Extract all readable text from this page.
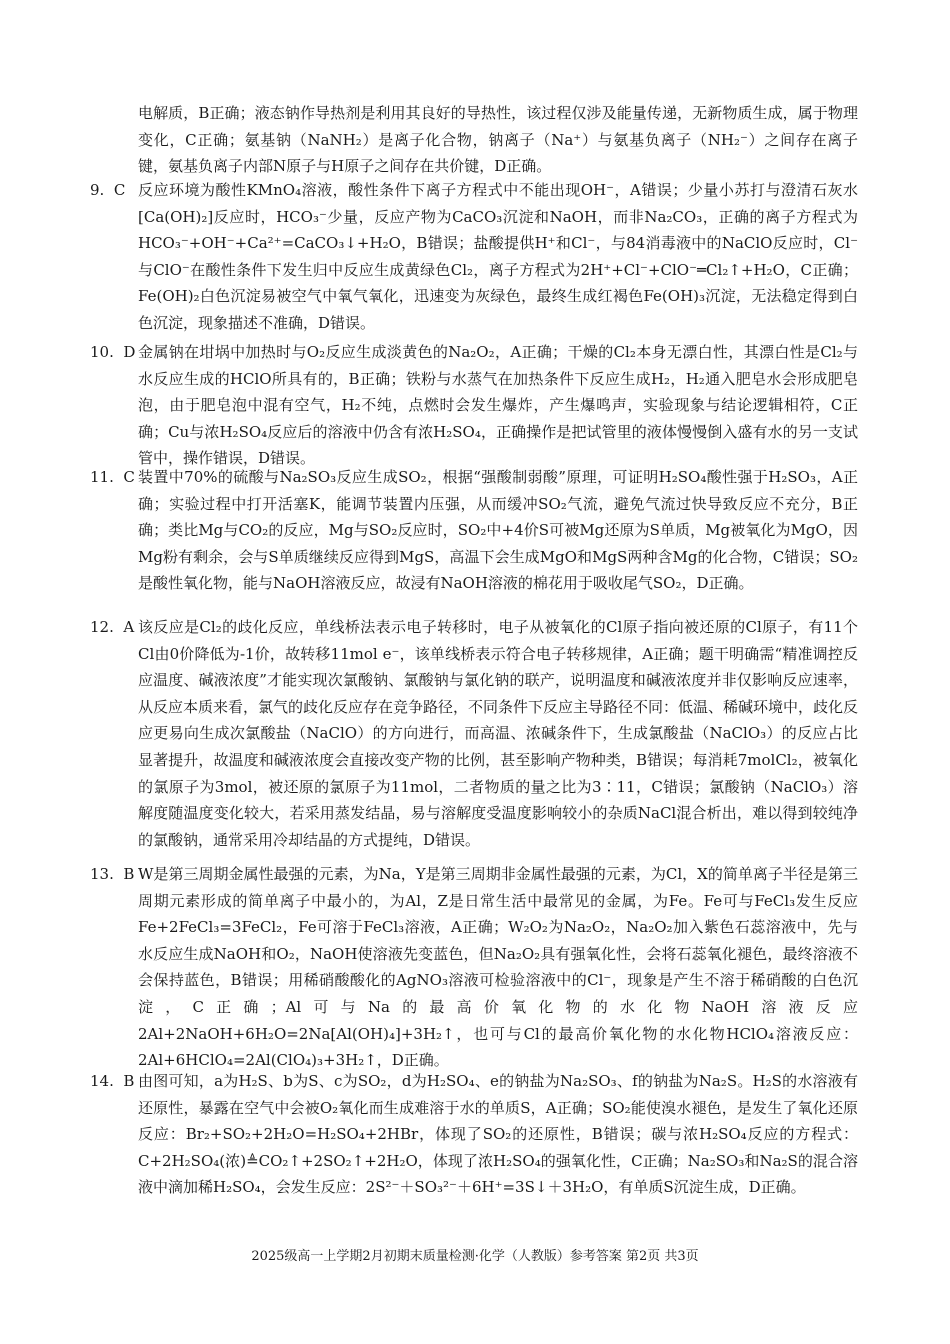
电解质，B正确；液态钠作导热剂是利用其良好的导热性，该过程仅涉及能量传递，无新物质生成，属于物理变化，C正确；氨基钠（NaNH₂）是离子化合物，钠离子（Na⁺）与氨基负离子（NH₂⁻）之间存在离子键，氨基负离子内部N原子与H原子之间存在共价键，D正确。

9. C 反应环境为酸性KMnO₄溶液，酸性条件下离子方程式中不能出现OH⁻，A错误；少量小苏打与澄清石灰水[Ca(OH)₂]反应时，HCO₃⁻少量，反应产物为CaCO₃沉淀和NaOH，而非Na₂CO₃，正确的离子方程式为HCO₃⁻+OH⁻+Ca²⁺=CaCO₃↓+H₂O，B错误；盐酸提供H⁺和Cl⁻，与84消毒液中的NaClO反应时，Cl⁻与ClO⁻在酸性条件下发生归中反应生成黄绿色Cl₂，离子方程式为2H⁺+Cl⁻+ClO⁻═Cl₂↑+H₂O，C正确；Fe(OH)₂白色沉淀易被空气中氧气氧化，迅速变为灰绿色，最终生成红褐色Fe(OH)₃沉淀，无法稳定得到白色沉淀，现象描述不准确，D错误。

10. D 金属钠在坩埚中加热时与O₂反应生成淡黄色的Na₂O₂，A正确；干燥的Cl₂本身无漂白性，其漂白性是Cl₂与水反应生成的HClO所具有的，B正确；铁粉与水蒸气在加热条件下反应生成H₂，H₂通入肥皂水会形成肥皂泡，由于肥皂泡中混有空气，H₂不纯，点燃时会发生爆炸，产生爆鸣声，实验现象与结论逻辑相符，C正确；Cu与浓H₂SO₄反应后的溶液中仍含有浓H₂SO₄，正确操作是把试管里的液体慢慢倒入盛有水的另一支试管中，操作错误，D错误。

11. C 装置中70%的硫酸与Na₂SO₃反应生成SO₂，根据“强酸制弱酸”原理，可证明H₂SO₄酸性强于H₂SO₃，A正确；实验过程中打开活塞K，能调节装置内压强，从而缓冲SO₂气流，避免气流过快导致反应不充分，B正确；类比Mg与CO₂的反应，Mg与SO₂反应时，SO₂中+4价S可被Mg还原为S单质，Mg被氧化为MgO，因Mg粉有剩余，会与S单质继续反应得到MgS，高温下会生成MgO和MgS两种含Mg的化合物，C错误；SO₂是酸性氧化物，能与NaOH溶液反应，故浸有NaOH溶液的棉花用于吸收尾气SO₂，D正确。

12. A 该反应是Cl₂的歧化反应，单线桥法表示电子转移时，电子从被氧化的Cl原子指向被还原的Cl原子，有11个Cl由0价降低为-1价，故转移11mol e⁻，该单线桥表示符合电子转移规律，A正确；题干明确需“精准调控反应温度、碱液浓度”才能实现次氯酸钠、氯酸钠与氯化钠的联产，说明温度和碱液浓度并非仅影响反应速率，从反应本质来看，氯气的歧化反应存在竞争路径，不同条件下反应主导路径不同：低温、稀碱环境中，歧化反应更易向生成次氯酸盐（NaClO）的方向进行，而高温、浓碱条件下，生成氯酸盐（NaClO₃）的反应占比显著提升，故温度和碱液浓度会直接改变产物的比例，甚至影响产物种类，B错误；每消耗7molCl₂，被氧化的氯原子为3mol，被还原的氯原子为11mol，二者物质的量之比为3∶11，C错误；氯酸钠（NaClO₃）溶解度随温度变化较大，若采用蒸发结晶，易与溶解度受温度影响较小的杂质NaCl混合析出，难以得到较纯净的氯酸钠，通常采用冷却结晶的方式提纯，D错误。

13. B W是第三周期金属性最强的元素，为Na，Y是第三周期非金属性最强的元素，为Cl，X的简单离子半径是第三周期元素形成的简单离子中最小的，为Al，Z是日常生活中最常见的金属，为Fe。Fe可与FeCl₃发生反应Fe+2FeCl₃=3FeCl₂，Fe可溶于FeCl₃溶液，A正确；W₂O₂为Na₂O₂，Na₂O₂加入紫色石蕊溶液中，先与水反应生成NaOH和O₂，NaOH使溶液先变蓝色，但Na₂O₂具有强氧化性，会将石蕊氧化褪色，最终溶液不会保持蓝色，B错误；用稀硝酸酸化的AgNO₃溶液可检验溶液中的Cl⁻，现象是产生不溶于稀硝酸的白色沉淀，C正确；Al可与Na的最高价氧化物的水化物NaOH溶液反应2Al+2NaOH+6H₂O=2Na[Al(OH)₄]+3H₂↑，也可与Cl的最高价氧化物的水化物HClO₄溶液反应：2Al+6HClO₄=2Al(ClO₄)₃+3H₂↑，D正确。

14. B 由图可知，a为H₂S、b为S、c为SO₂，d为H₂SO₄、e的钠盐为Na₂SO₃、f的钠盐为Na₂S。H₂S的水溶液有还原性，暴露在空气中会被O₂氧化而生成难溶于水的单质S，A正确；SO₂能使溴水褪色，是发生了氧化还原反应：Br₂+SO₂+2H₂O=H₂SO₄+2HBr，体现了SO₂的还原性，B错误；碳与浓H₂SO₄反应的方程式：C+2H₂SO₄(浓)≜CO₂↑+2SO₂↑+2H₂O，体现了浓H₂SO₄的强氧化性，C正确；Na₂SO₃和Na₂S的混合溶液中滴加稀H₂SO₄，会发生反应：2S²⁻＋SO₃²⁻＋6H⁺=3S↓＋3H₂O，有单质S沉淀生成，D正确。

2025级高一上学期2月初期末质量检测·化学（人教版）参考答案 第2页 共3页
